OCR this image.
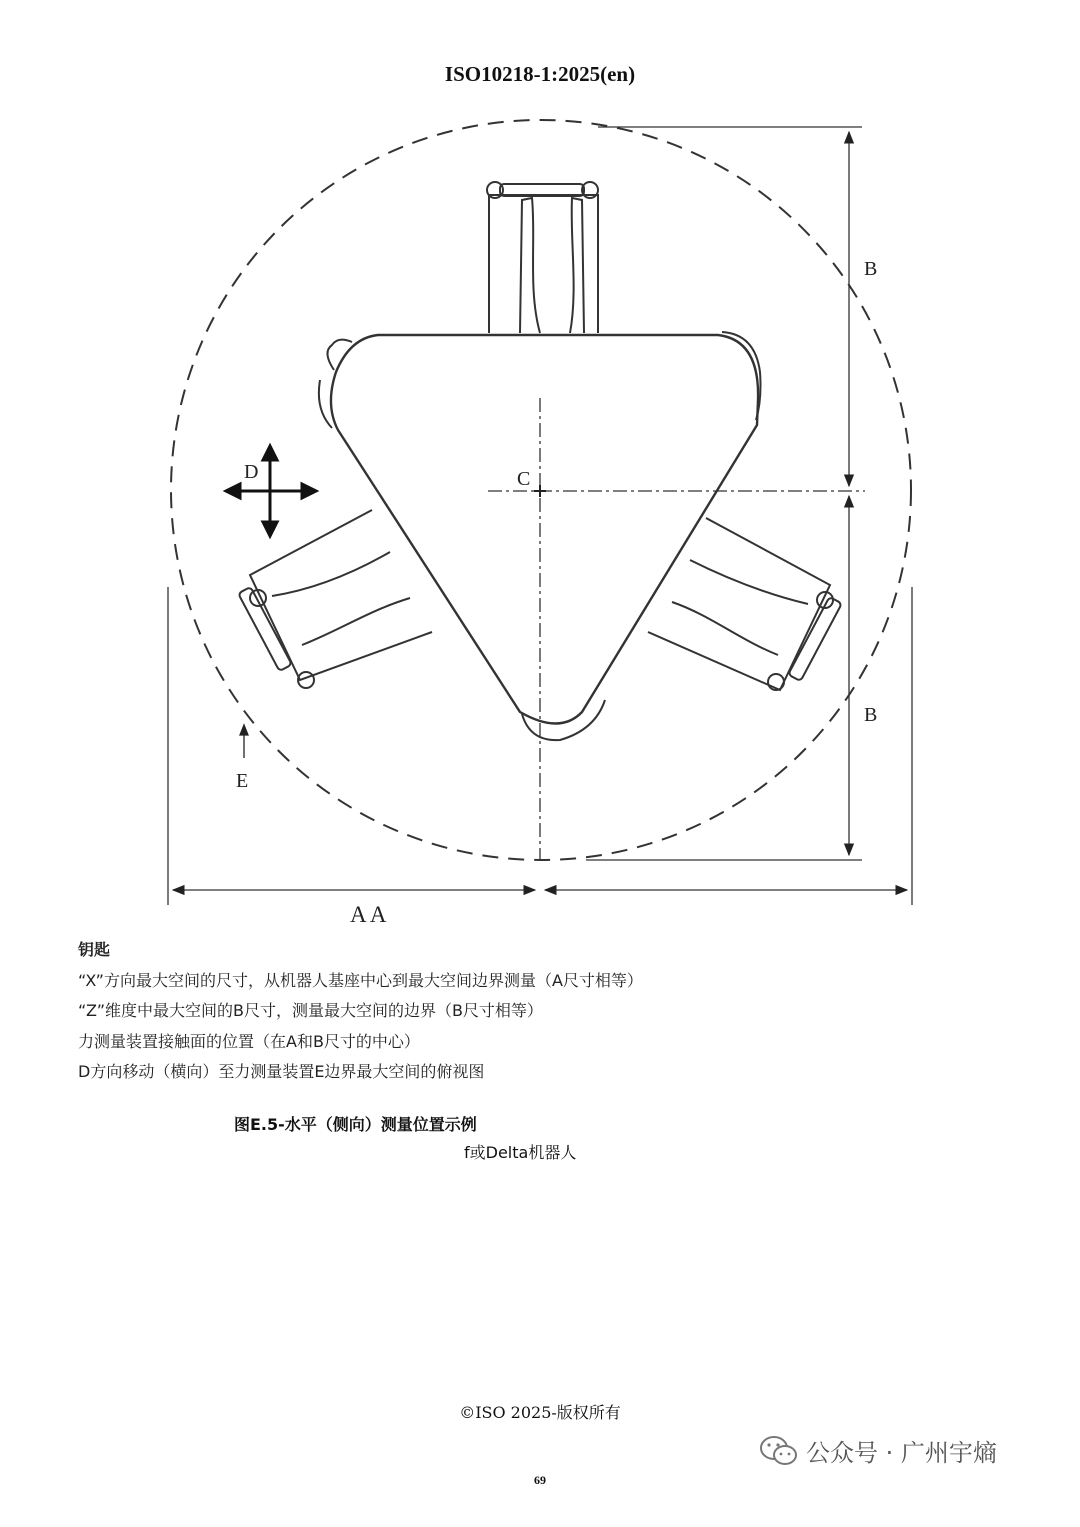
ISO10218-1:2025(en)
B
B
C
D
E
A A
钥匙
“X”方向最大空间的尺寸，从机器人基座中心到最大空间边界测量（A尺寸相等）
“Z”维度中最大空间的B尺寸，测量最大空间的边界（B尺寸相等）
力测量装置接触面的位置（在A和B尺寸的中心）
D方向移动（横向）至力测量装置E边界最大空间的俯视图
图E.5-水平（侧向）测量位置示例
f或Delta机器人
©ISO 2025-版权所有
69
公众号 · 广州宇熵
